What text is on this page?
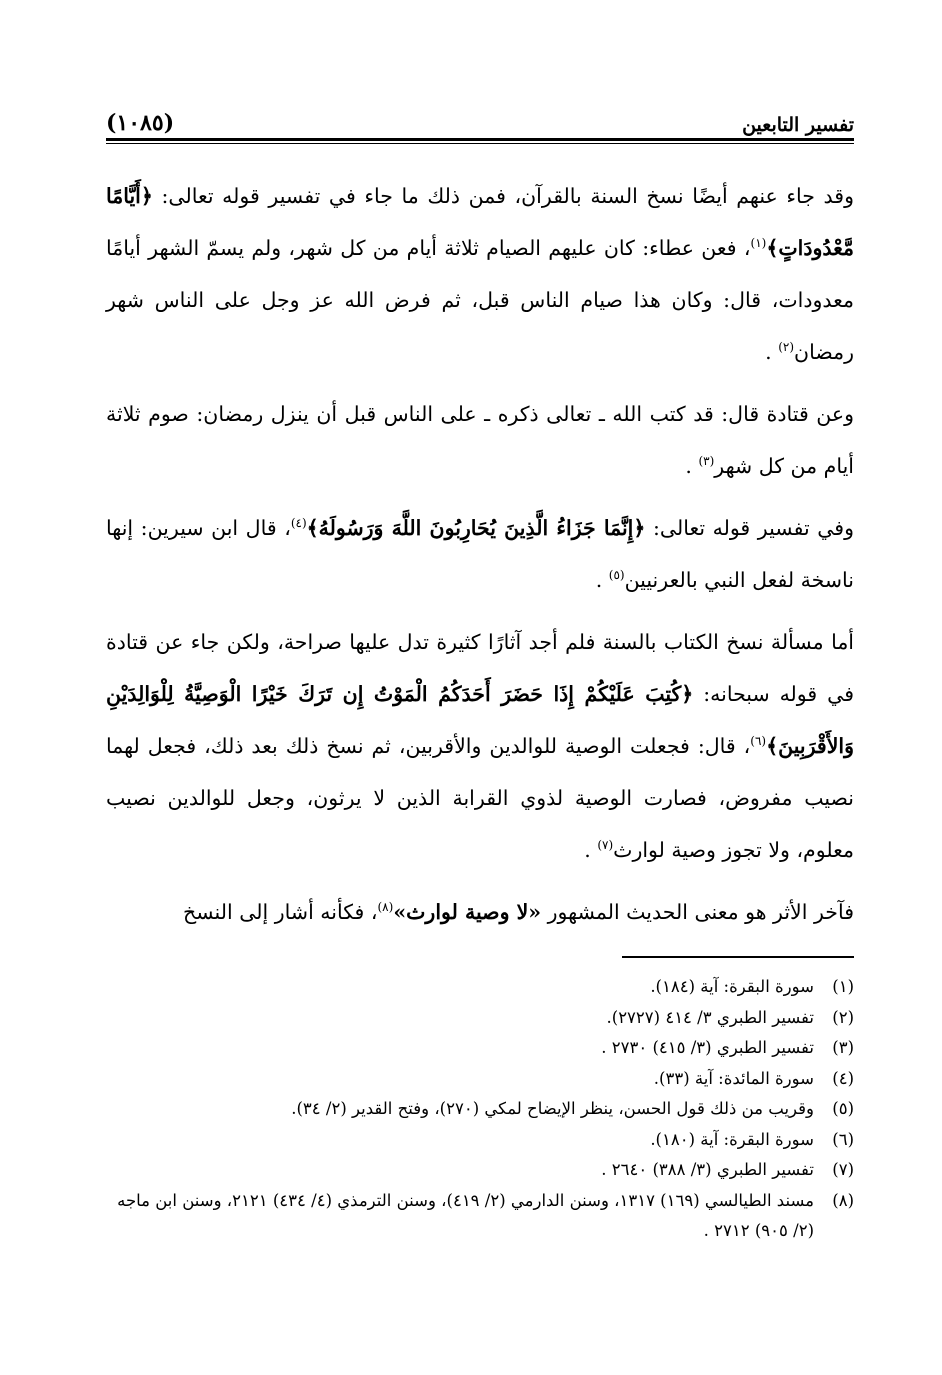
تفسير التابعين
(١٠٨٥)

وقد جاء عنهم أيضًا نسخ السنة بالقرآن، فمن ذلك ما جاء في تفسير قوله تعالى: ﴿أَيَّامًا مَّعْدُودَاتٍ﴾$^{(١)}$، فعن عطاء: كان عليهم الصيام ثلاثة أيام من كل شهر، ولم يسمّ الشهر أيامًا معدودات، قال: وكان هذا صيام الناس قبل، ثم فرض الله عز وجل على الناس شهر رمضان$^{(٢)}$ .

وعن قتادة قال: قد كتب الله ـ تعالى ذكره ـ على الناس قبل أن ينزل رمضان: صوم ثلاثة أيام من كل شهر$^{(٣)}$ .

وفي تفسير قوله تعالى: ﴿إِنَّمَا جَزَاءُ الَّذِينَ يُحَارِبُونَ اللَّهَ وَرَسُولَهُ﴾$^{(٤)}$، قال ابن سيرين: إنها ناسخة لفعل النبي بالعرنيين$^{(٥)}$ .

أما مسألة نسخ الكتاب بالسنة فلم أجد آثارًا كثيرة تدل عليها صراحة، ولكن جاء عن قتادة في قوله سبحانه: ﴿كُتِبَ عَلَيْكُمْ إِذَا حَضَرَ أَحَدَكُمُ الْمَوْتُ إِن تَرَكَ خَيْرًا الْوَصِيَّةُ لِلْوَالِدَيْنِ وَالأَقْرَبِينَ﴾$^{(٦)}$، قال: فجعلت الوصية للوالدين والأقربين، ثم نسخ ذلك بعد ذلك، فجعل لهما نصيب مفروض، فصارت الوصية لذوي القرابة الذين لا يرثون، وجعل للوالدين نصيب معلوم، ولا تجوز وصية لوارث$^{(٧)}$ .

فآخر الأثر هو معنى الحديث المشهور «لا وصية لوارث»$^{(٨)}$، فكأنه أشار إلى النسخ

(١)
سورة البقرة: آية (١٨٤).
(٢)
تفسير الطبري ٣/ ٤١٤ (٢٧٢٧).
(٣)
تفسير الطبري (٣/ ٤١٥) ٢٧٣٠ .
(٤)
سورة المائدة: آية (٣٣).
(٥)
وقريب من ذلك قول الحسن، ينظر الإيضاح لمكي (٢٧٠)، وفتح القدير (٢/ ٣٤).
(٦)
سورة البقرة: آية (١٨٠).
(٧)
تفسير الطبري (٣/ ٣٨٨) ٢٦٤٠ .
(٨)
مسند الطيالسي (١٦٩) ١٣١٧، وسنن الدارمي (٢/ ٤١٩)، وسنن الترمذي (٤/ ٤٣٤) ٢١٢١، وسنن ابن ماجه (٢/ ٩٠٥) ٢٧١٢ .
